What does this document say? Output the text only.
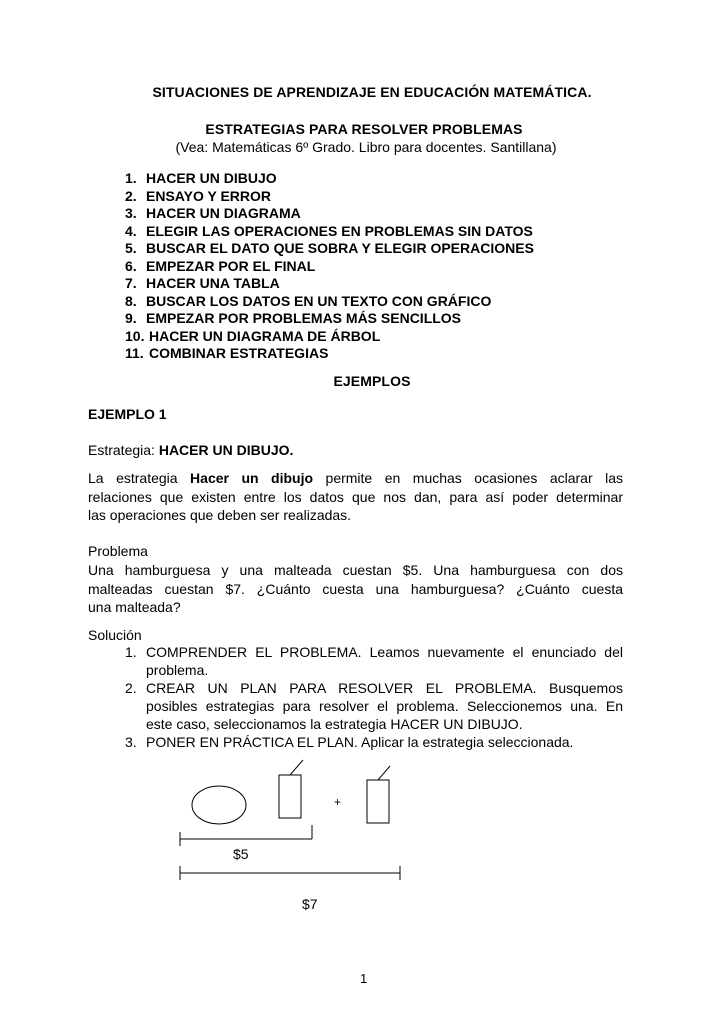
SITUACIONES DE APRENDIZAJE EN EDUCACIÓN MATEMÁTICA.
ESTRATEGIAS PARA RESOLVER PROBLEMAS
(Vea: Matemáticas 6º Grado. Libro para docentes. Santillana)
1. HACER UN DIBUJO
2. ENSAYO Y ERROR
3. HACER UN DIAGRAMA
4. ELEGIR LAS OPERACIONES EN PROBLEMAS SIN DATOS
5. BUSCAR EL DATO QUE SOBRA Y ELEGIR OPERACIONES
6. EMPEZAR POR EL FINAL
7. HACER UNA TABLA
8. BUSCAR LOS DATOS EN UN TEXTO CON GRÁFICO
9. EMPEZAR POR PROBLEMAS MÁS SENCILLOS
10. HACER UN DIAGRAMA DE ÁRBOL
11. COMBINAR ESTRATEGIAS
EJEMPLOS
EJEMPLO 1
Estrategia: HACER UN DIBUJO.
La estrategia Hacer un dibujo permite en muchas ocasiones aclarar las
relaciones que existen entre los datos que nos dan, para así poder determinar
las operaciones que deben ser realizadas.
Problema
Una hamburguesa y una malteada cuestan $5. Una hamburguesa con dos
malteadas cuestan $7. ¿Cuánto cuesta una hamburguesa? ¿Cuánto cuesta
una malteada?
Solución
1. COMPRENDER EL PROBLEMA. Leamos nuevamente el enunciado del
problema.
2. CREAR UN PLAN PARA RESOLVER EL PROBLEMA. Busquemos
posibles estrategias para resolver el problema. Seleccionemos una. En
este caso, seleccionamos la estrategia HACER UN DIBUJO.
3. PONER EN PRÁCTICA EL PLAN. Aplicar la estrategia seleccionada.
+
$5
$7
1
